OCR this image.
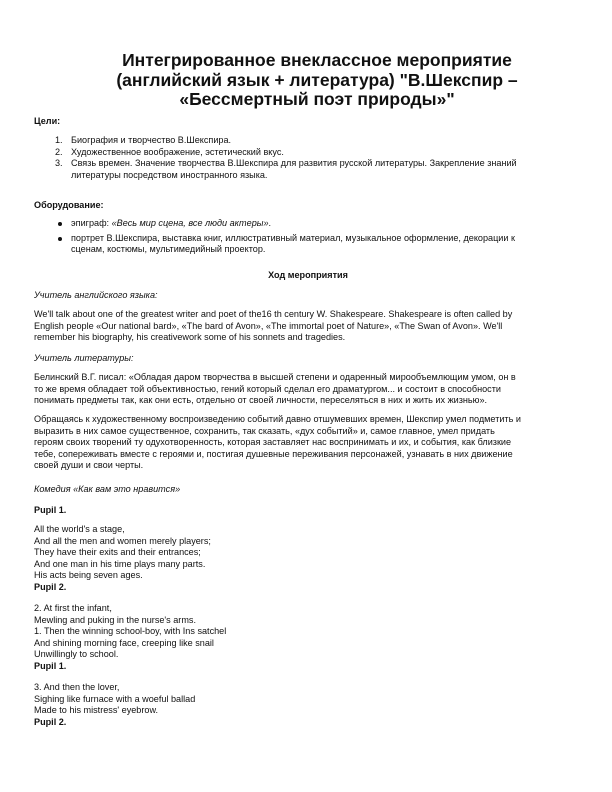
Интегрированное внеклассное мероприятие
(английский язык + литература) "В.Шекспир –
«Бессмертный поэт природы»"
Цели:
1. Биография и творчество В.Шекспира.
2. Художественное воображение, эстетический вкус.
3. Связь времен. Значение творчества В.Шекспира для развития русской литературы. Закрепление знаний
литературы посредством иностранного языка.
Оборудование:
эпиграф: «Весь мир сцена, все люди актеры».
портрет В.Шекспира, выставка книг, иллюстративный материал, музыкальное оформление, декорации к
сценам, костюмы, мультимедийный проектор.
Ход мероприятия
Учитель английского языка:
We'll talk about one of the greatest writer and poet of the16 th century W. Shakespeare. Shakespeare is often called by
English people «Our national bard», «The bard of Avon», «The immortal poet of Nature», «The Swan of Avon». We'll
remember his biography, his creativework some of his sonnets and tragedies.
Учитель литературы:
Белинский В.Г. писал: «Обладая даром творчества в высшей степени и одаренный мирообъемлющим умом, он в
то же время обладает той объективностью, гений который сделал его драматургом... и состоит в способности
понимать предметы так, как они есть, отдельно от своей личности, переселяться в них и жить их жизнью».
Обращаясь к художественному воспроизведению событий давно отшумевших времен, Шекспир умел подметить и
выразить в них самое существенное, сохранить, так сказать, «дух событий» и, самое главное, умел придать
героям своих творений ту одухотворенность, которая заставляет нас воспринимать и их, и события, как близкие
тебе, сопереживать вместе с героями и, постигая душевные переживания персонажей, узнавать в них движение
своей души и свои черты.
Комедия «Как вам это нравится»
Pupil 1.
All the world's a stage,
And all the men and women merely players;
They have their exits and their entrances;
And one man in his time plays many parts.
His acts being seven ages.
Pupil 2.
2. At first the infant,
Mewling and puking in the nurse's arms.
1. Then the winning school-boy, with Ins satchel
And shining morning face, creeping like snail
Unwillingly to school.
Pupil 1.
3. And then the lover,
Sighing like furnace with a woeful ballad
Made to his mistress' eyebrow.
Pupil 2.
